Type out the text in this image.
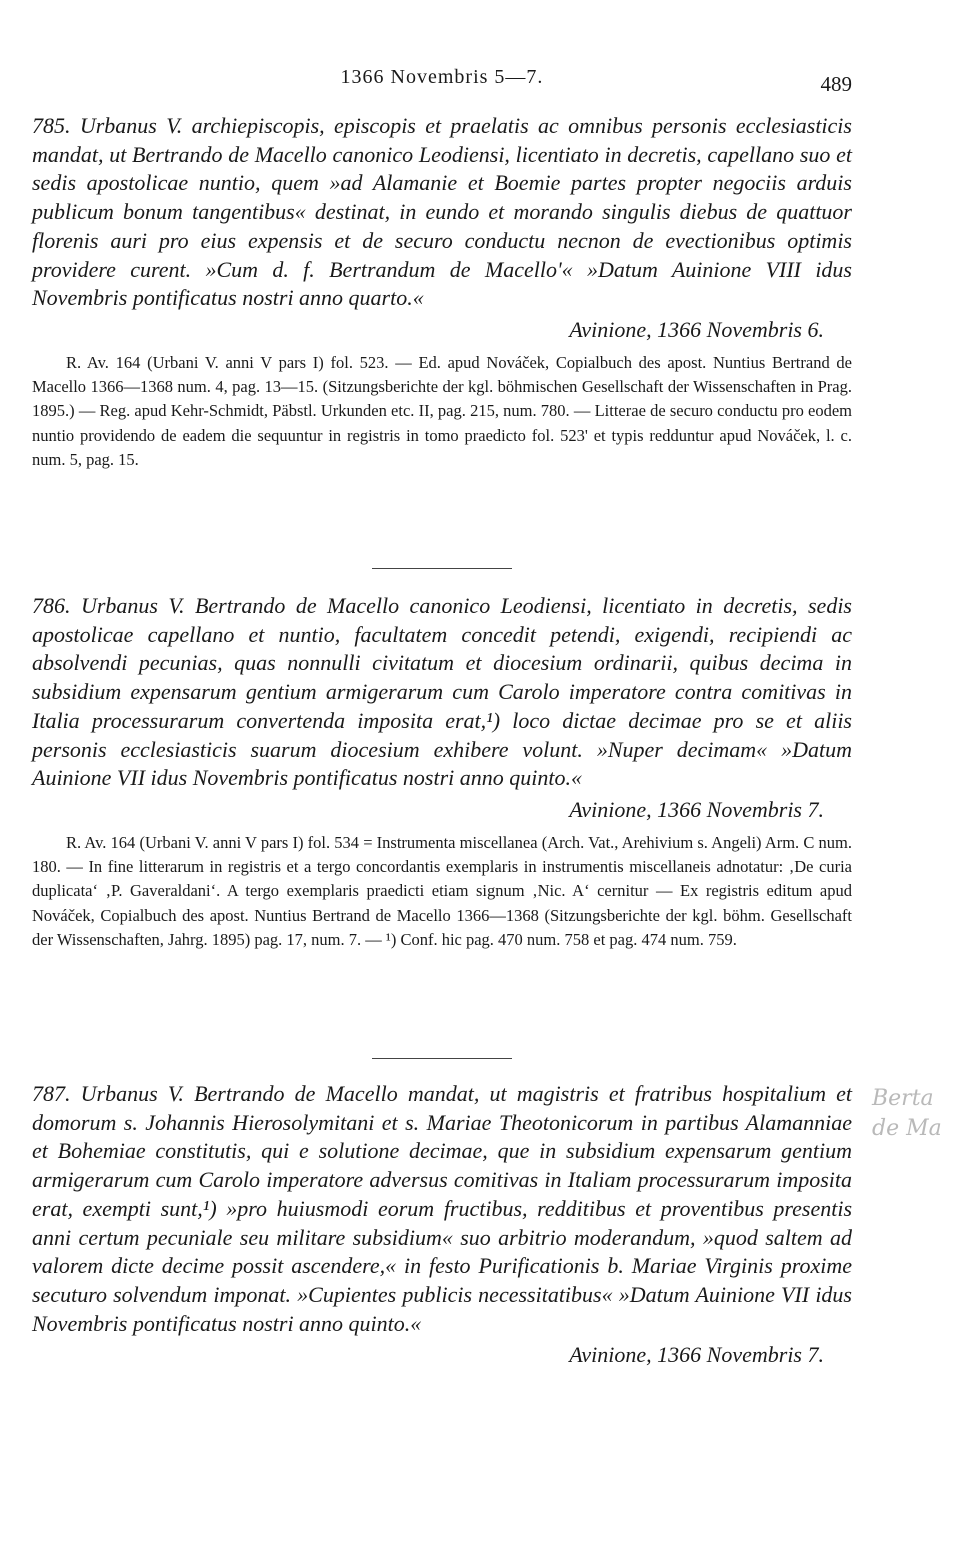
1366 Novembris 5—7.	489

785. Urbanus V. archiepiscopis, episcopis et praelatis ac omnibus personis ecclesiasticis mandat, ut Bertrando de Macello canonico Leodiensi, licentiato in decretis, capellano suo et sedis apostolicae nuntio, quem »ad Alamanie et Boemie partes propter negociis arduis publicum bonum tangentibus« destinat, in eundo et morando singulis diebus de quattuor florenis auri pro eius expensis et de securo conductu necnon de evectionibus optimis providere curent. »Cum d. f. Bertrandum de Macello'« »Datum Auinione VIII idus Novembris pontificatus nostri anno quarto.«

Avinione, 1366 Novembris 6.

R. Av. 164 (Urbani V. anni V pars I) fol. 523. — Ed. apud Nováček, Copialbuch des apost. Nuntius Bertrand de Macello 1366—1368 num. 4, pag. 13—15. (Sitzungsberichte der kgl. böhmischen Gesellschaft der Wissenschaften in Prag. 1895.) — Reg. apud Kehr-Schmidt, Päbstl. Urkunden etc. II, pag. 215, num. 780. — Litterae de securo conductu pro eodem nuntio providendo de eadem die sequuntur in registris in tomo praedicto fol. 523' et typis redduntur apud Nováček, l. c. num. 5, pag. 15.

786. Urbanus V. Bertrando de Macello canonico Leodiensi, licentiato in decretis, sedis apostolicae capellano et nuntio, facultatem concedit petendi, exigendi, recipiendi ac absolvendi pecunias, quas nonnulli civitatum et diocesium ordinarii, quibus decima in subsidium expensarum gentium armigerarum cum Carolo imperatore contra comitivas in Italia processurarum convertenda imposita erat,¹) loco dictae decimae pro se et aliis personis ecclesiasticis suarum diocesium exhibere volunt. »Nuper decimam« »Datum Auinione VII idus Novembris pontificatus nostri anno quinto.«

Avinione, 1366 Novembris 7.

R. Av. 164 (Urbani V. anni V pars I) fol. 534 = Instrumenta miscellanea (Arch. Vat., Arehivium s. Angeli) Arm. C num. 180. — In fine litterarum in registris et a tergo concordantis exemplaris in instrumentis miscellaneis adnotatur: ‚De curia duplicata‘ ‚P. Gaveraldani‘. A tergo exemplaris praedicti etiam signum ‚Nic. A‘ cernitur — Ex registris editum apud Nováček, Copialbuch des apost. Nuntius Bertrand de Macello 1366—1368 (Sitzungsberichte der kgl. böhm. Gesellschaft der Wissenschaften, Jahrg. 1895) pag. 17, num. 7. — ¹) Conf. hic pag. 470 num. 758 et pag. 474 num. 759.

787. Urbanus V. Bertrando de Macello mandat, ut magistris et fratribus hospitalium et domorum s. Johannis Hierosolymitani et s. Mariae Theotonicorum in partibus Alamanniae et Bohemiae constitutis, qui e solutione decimae, que in subsidium expensarum gentium armigerarum cum Carolo imperatore adversus comitivas in Italiam processurarum imposita erat, exempti sunt,¹) »pro huiusmodi eorum fructibus, redditibus et proventibus presentis anni certum pecuniale seu militare subsidium« suo arbitrio moderandum, »quod saltem ad valorem dicte decime possit ascendere,« in festo Purificationis b. Mariae Virginis proxime secuturo solvendum imponat. »Cupientes publicis necessitatibus« »Datum Auinione VII idus Novembris pontificatus nostri anno quinto.«

Avinione, 1366 Novembris 7.

Berta
de Ma
